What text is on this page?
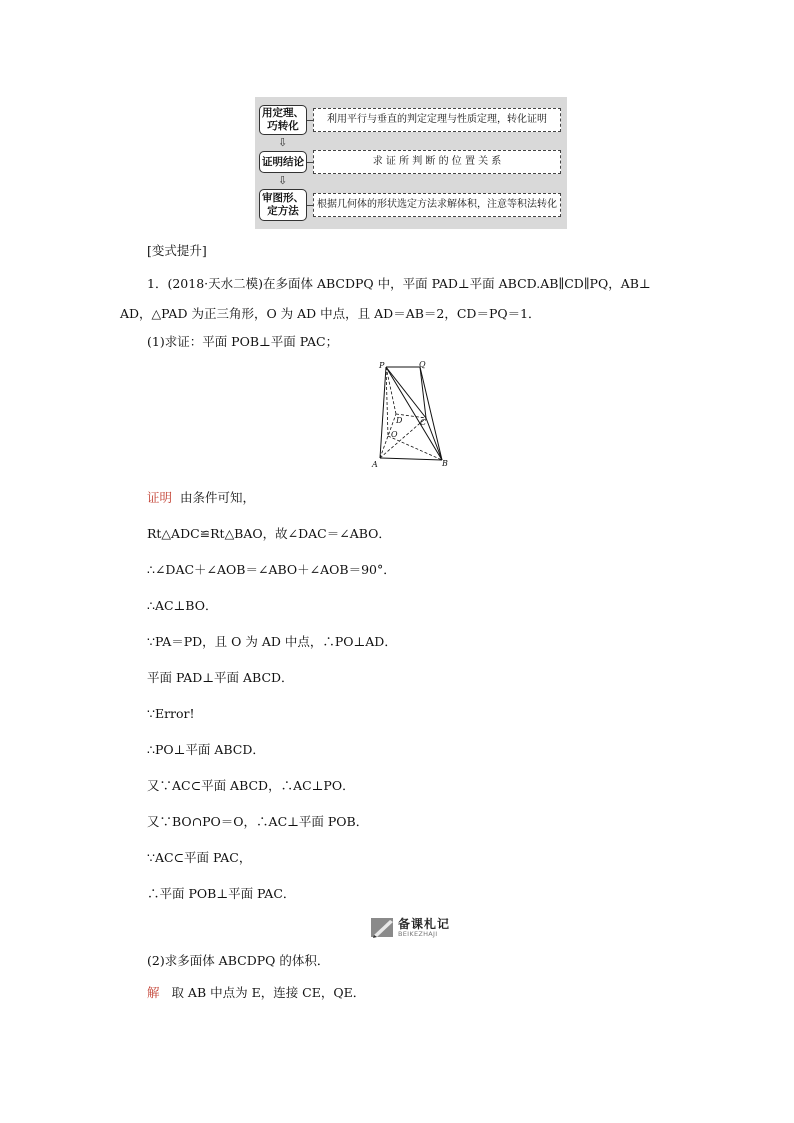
用定理、
巧转化
利用平行与垂直的判定定理与性质定理，转化证明
⇩
证明结论	求 证 所 判 断 的 位 置 关 系
⇩
审图形、
定方法
根据几何体的形状选定方法求解体积，注意等积法转化
[变式提升]
1．(2018·天水二模)在多面体 ABCDPQ 中，平面 PAD⊥平面 ABCD.AB∥CD∥PQ，AB⊥
AD，△PAD 为正三角形，O 为 AD 中点，且 AD＝AB＝2，CD＝PQ＝1．
(1)求证：平面 POB⊥平面 PAC；
P	Q
D C
O
A	B
证明 由条件可知，
Rt△ADC≌Rt△BAO，故∠DAC＝∠ABO．
∴∠DAC＋∠AOB＝∠ABO＋∠AOB＝90°．
∴AC⊥BO．
∵PA＝PD，且 O 为 AD 中点，∴PO⊥AD．
平面 PAD⊥平面 ABCD．
∵Error!
∴PO⊥平面 ABCD．
又∵AC⊂平面 ABCD，∴AC⊥PO．
又∵BO∩PO＝O，∴AC⊥平面 POB．
∵AC⊂平面 PAC，
∴平面 POB⊥平面 PAC．
备课札记
BEIKEZHAJI
(2)求多面体 ABCDPQ 的体积．
解 取 AB 中点为 E，连接 CE，QE．
